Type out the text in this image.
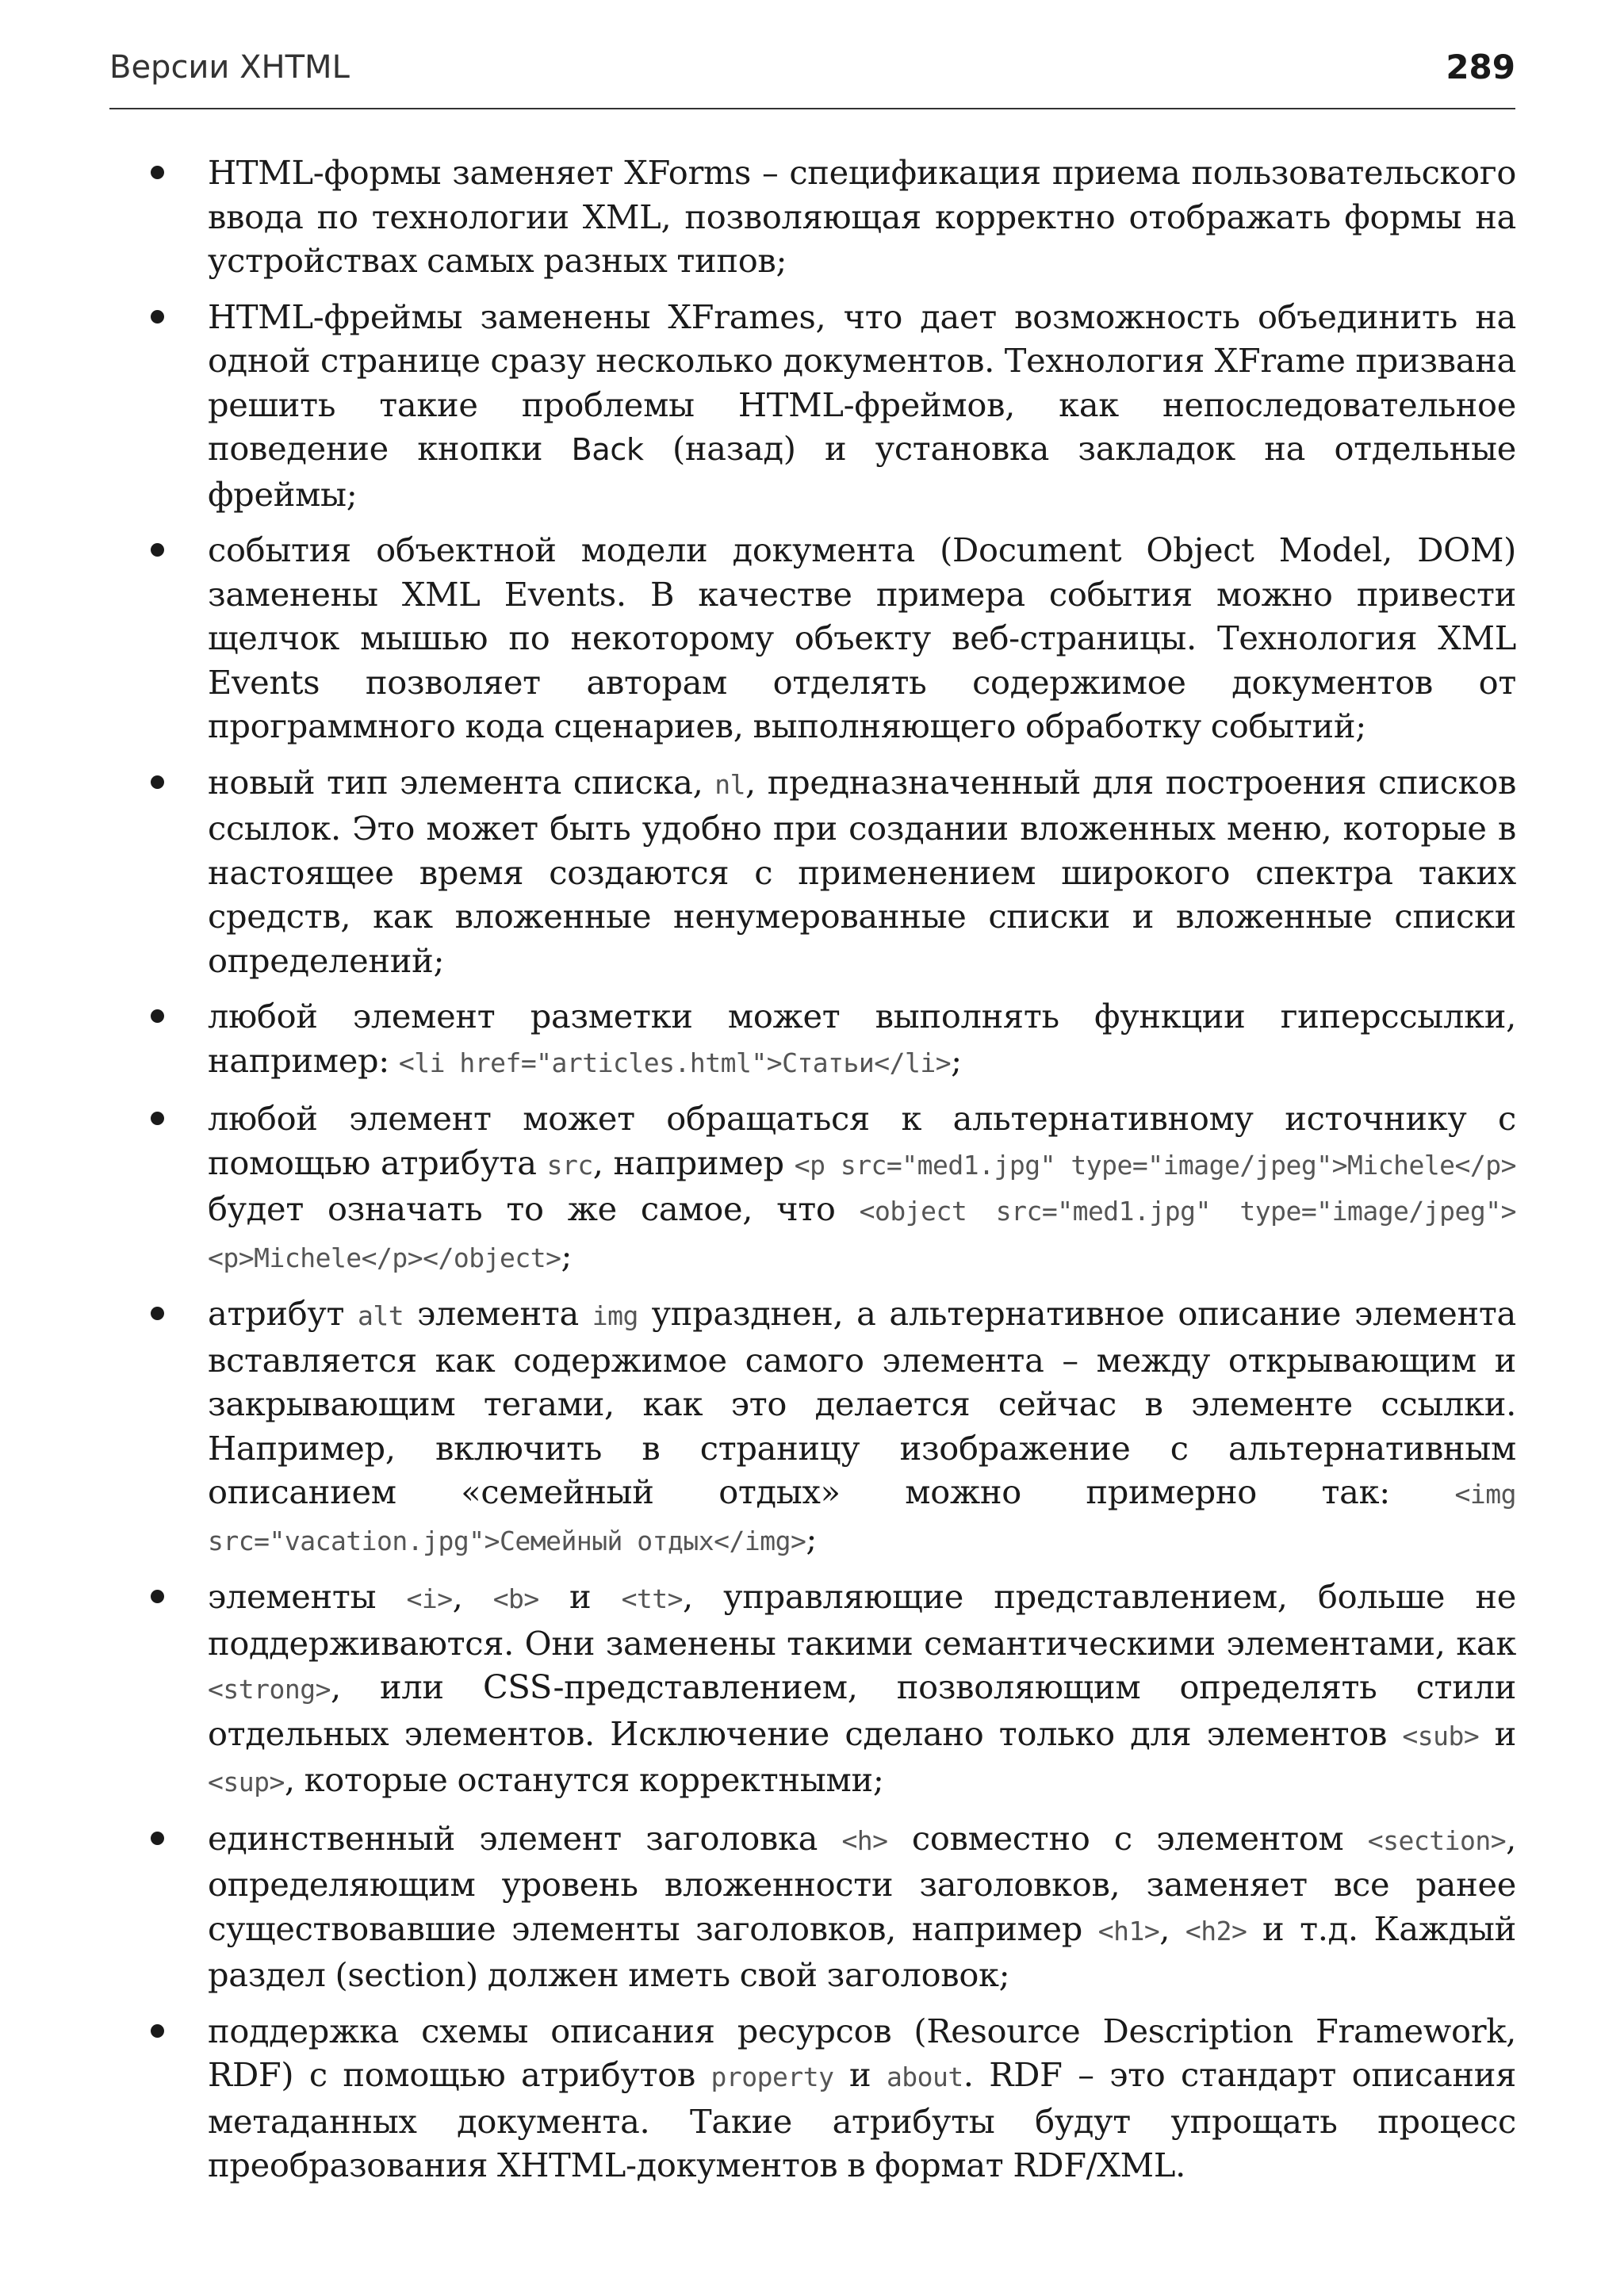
Версии XHTML	289
HTML-формы заменяет XForms – спецификация приема пользовательского ввода по технологии XML, позволяющая корректно отображать формы на устройствах самых разных типов;
HTML-фреймы заменены XFrames, что дает возможность объединить на одной странице сразу несколько документов. Технология XFrame призвана решить такие проблемы HTML-фреймов, как непоследовательное поведение кнопки Back (назад) и установка закладок на отдельные фреймы;
события объектной модели документа (Document Object Model, DOM) заменены XML Events. В качестве примера события можно привести щелчок мышью по некоторому объекту веб-страницы. Технология XML Events позволяет авторам отделять содержимое документов от программного кода сценариев, выполняющего обработку событий;
новый тип элемента списка, nl, предназначенный для построения списков ссылок. Это может быть удобно при создании вложенных меню, которые в настоящее время создаются с применением широкого спектра таких средств, как вложенные ненумерованные списки и вложенные списки определений;
любой элемент разметки может выполнять функции гиперссылки, например: <li href="articles.html">Статьи</li>;
любой элемент может обращаться к альтернативному источнику с помощью атрибута src, например <p src="med1.jpg" type="image/jpeg">Michele</p> будет означать то же самое, что <object src="med1.jpg" type="image/jpeg"><p>Michele</p></object>;
атрибут alt элемента img упразднен, а альтернативное описание элемента вставляется как содержимое самого элемента – между открывающим и закрывающим тегами, как это делается сейчас в элементе ссылки. Например, включить в страницу изображение с альтернативным описанием «семейный отдых» можно примерно так: <img src="vacation.jpg">Семейный отдых</img>;
элементы <i>, <b> и <tt>, управляющие представлением, больше не поддерживаются. Они заменены такими семантическими элементами, как <strong>, или CSS-представлением, позволяющим определять стили отдельных элементов. Исключение сделано только для элементов <sub> и <sup>, которые останутся корректными;
единственный элемент заголовка <h> совместно с элементом <section>, определяющим уровень вложенности заголовков, заменяет все ранее существовавшие элементы заголовков, например <h1>, <h2> и т.д. Каждый раздел (section) должен иметь свой заголовок;
поддержка схемы описания ресурсов (Resource Description Framework, RDF) с помощью атрибутов property и about. RDF – это стандарт описания метаданных документа. Такие атрибуты будут упрощать процесс преобразования XHTML-документов в формат RDF/XML.
